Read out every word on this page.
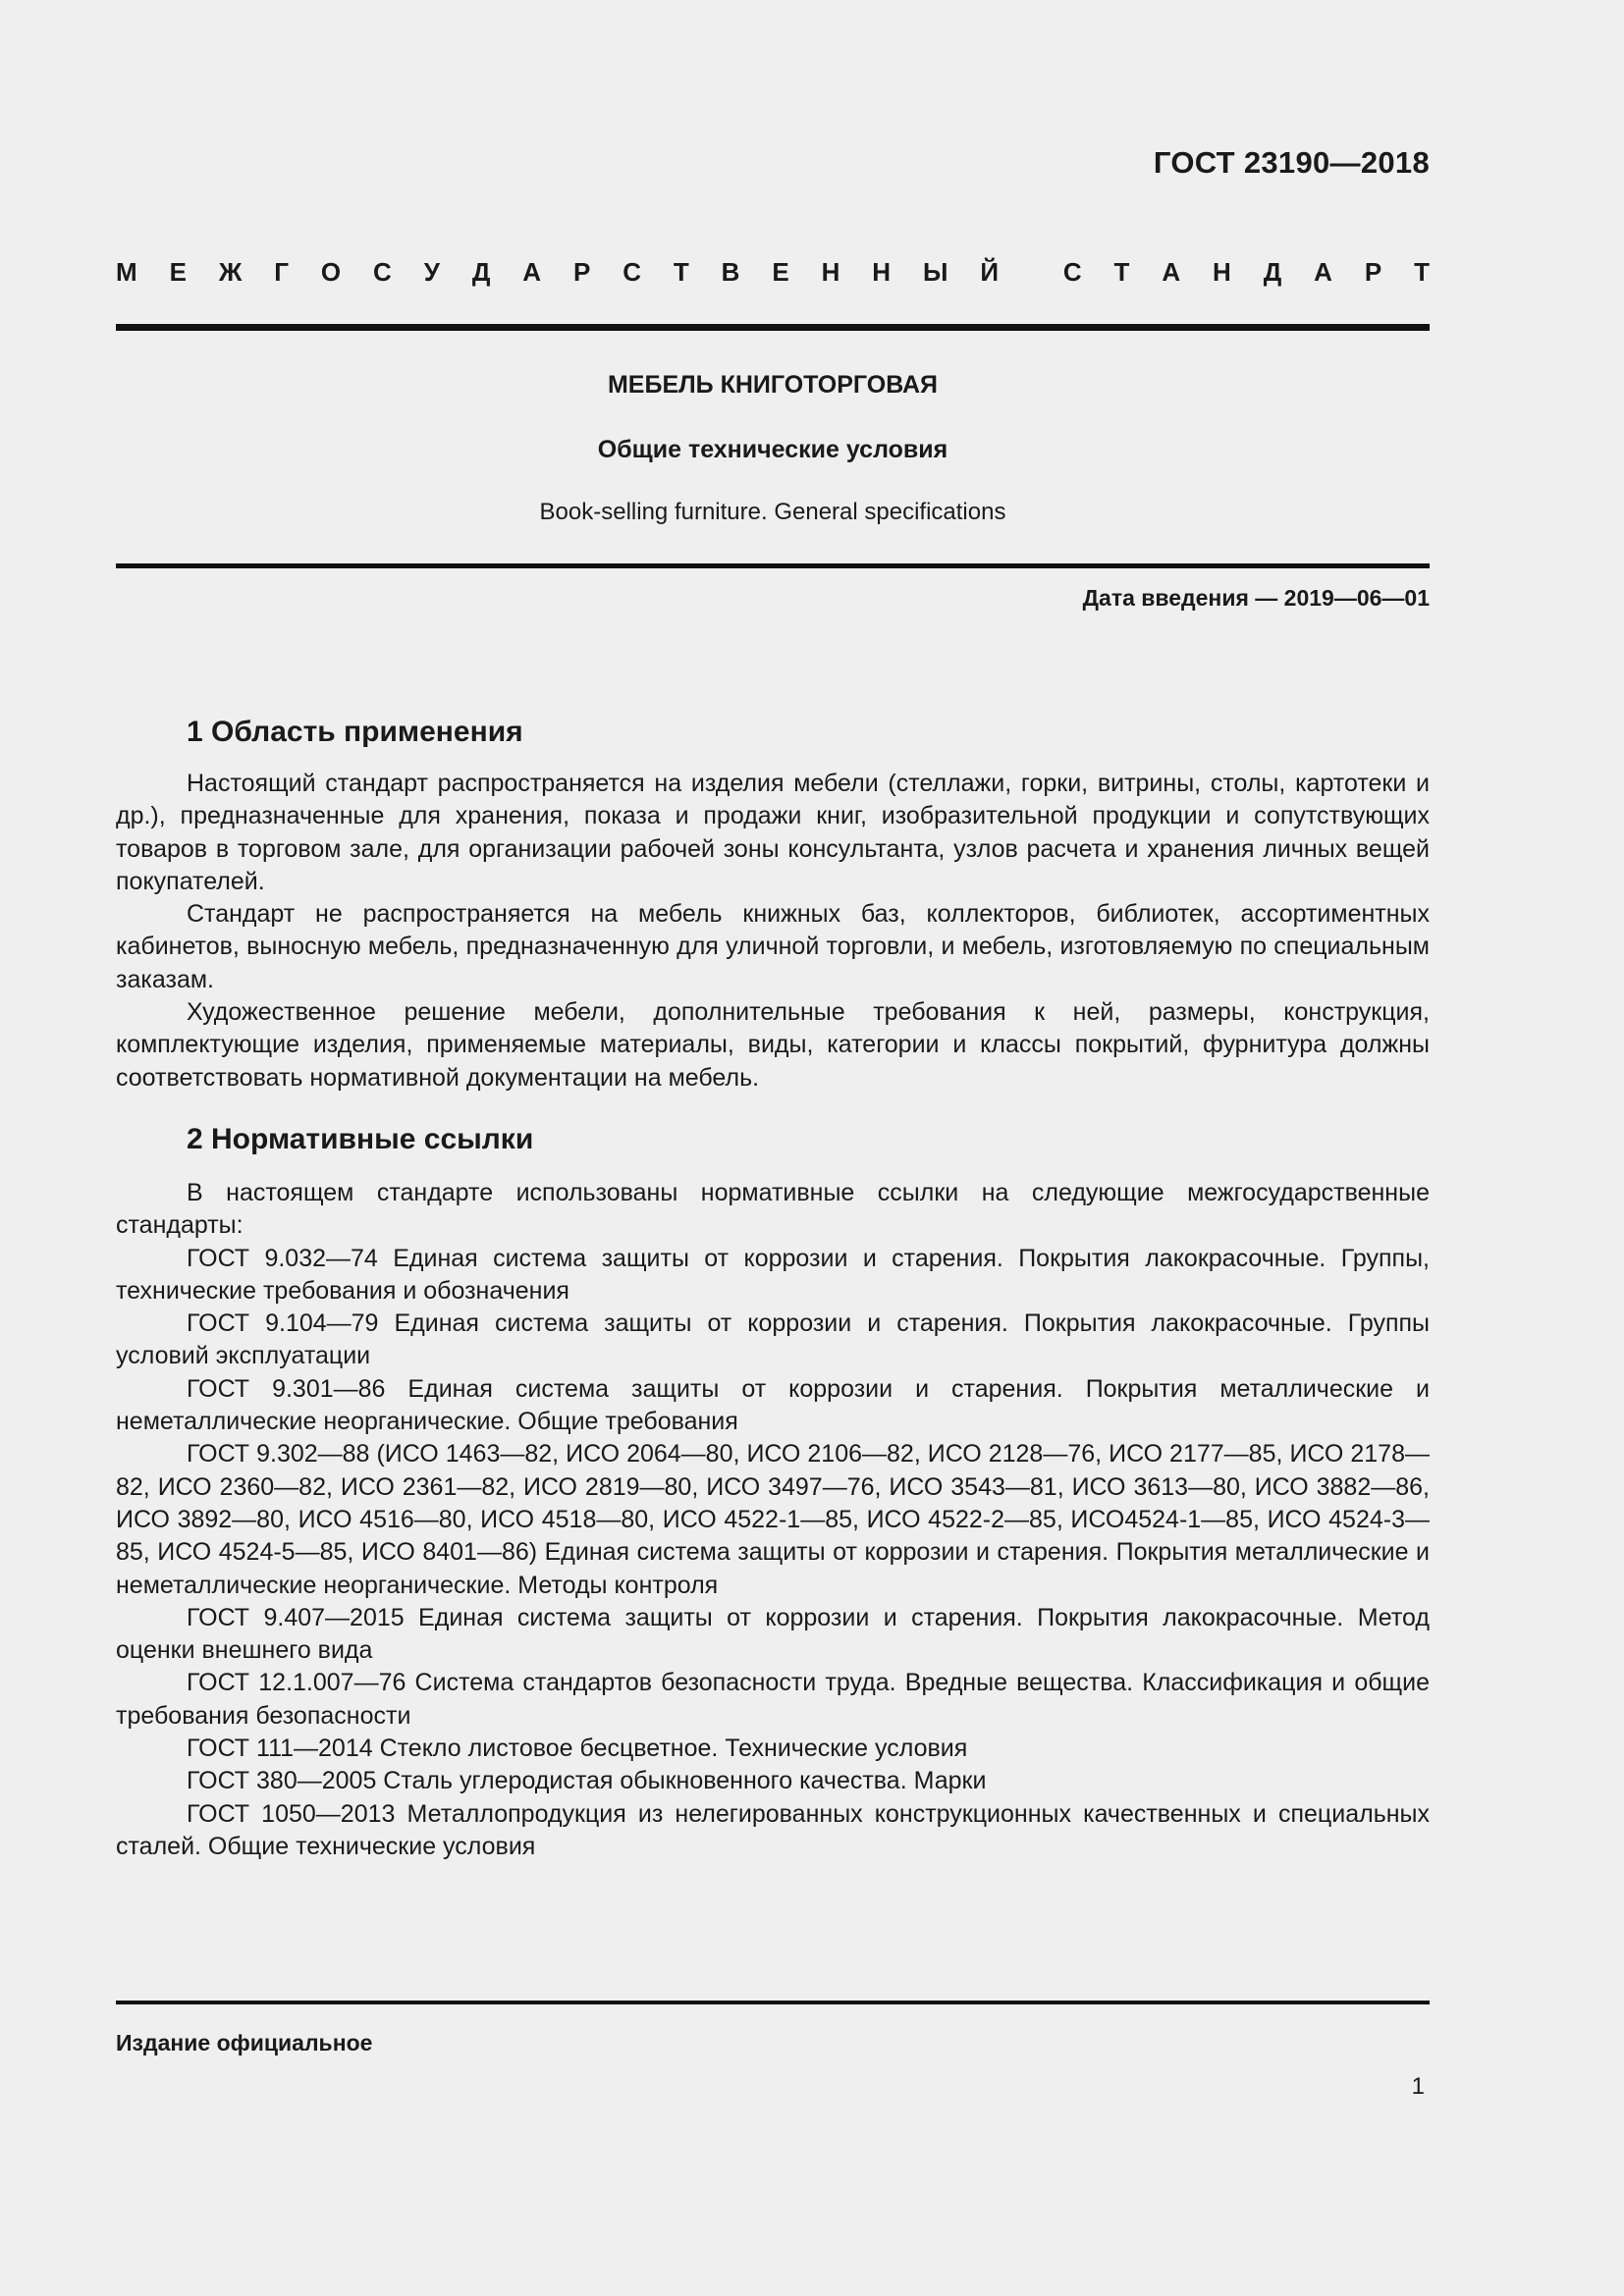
ГОСТ 23190—2018
М Е Ж Г О С У Д А Р С Т В Е Н Н Ы Й	С Т А Н Д А Р Т
МЕБЕЛЬ КНИГОТОРГОВАЯ
Общие технические условия
Book-selling furniture. General specifications
Дата введения — 2019—06—01
1 Область применения

Настоящий стандарт распространяется на изделия мебели (стеллажи, горки, витрины, столы, картотеки и др.), предназначенные для хранения, показа и продажи книг, изобразительной продукции и сопутствующих товаров в торговом зале, для организации рабочей зоны консультанта, узлов расчета и хранения личных вещей покупателей.

Стандарт не распространяется на мебель книжных баз, коллекторов, библиотек, ассортиментных кабинетов, выносную мебель, предназначенную для уличной торговли, и мебель, изготовляемую по специальным заказам.

Художественное решение мебели, дополнительные требования к ней, размеры, конструкция, комплектующие изделия, применяемые материалы, виды, категории и классы покрытий, фурнитура должны соответствовать нормативной документации на мебель.

2 Нормативные ссылки

В настоящем стандарте использованы нормативные ссылки на следующие межгосударственные стандарты:

ГОСТ 9.032—74 Единая система защиты от коррозии и старения. Покрытия лакокрасочные. Группы, технические требования и обозначения

ГОСТ 9.104—79 Единая система защиты от коррозии и старения. Покрытия лакокрасочные. Группы условий эксплуатации

ГОСТ 9.301—86 Единая система защиты от коррозии и старения. Покрытия металлические и неметаллические неорганические. Общие требования

ГОСТ 9.302—88 (ИСО 1463—82, ИСО 2064—80, ИСО 2106—82, ИСО 2128—76, ИСО 2177—85, ИСО 2178—82, ИСО 2360—82, ИСО 2361—82, ИСО 2819—80, ИСО 3497—76, ИСО 3543—81, ИСО 3613—80, ИСО 3882—86, ИСО 3892—80, ИСО 4516—80, ИСО 4518—80, ИСО 4522-1—85, ИСО 4522-2—85, ИСО4524-1—85, ИСО 4524-3—85, ИСО 4524-5—85, ИСО 8401—86) Единая система защиты от коррозии и старения. Покрытия металлические и неметаллические неорганические. Методы контроля

ГОСТ 9.407—2015 Единая система защиты от коррозии и старения. Покрытия лакокрасочные. Метод оценки внешнего вида

ГОСТ 12.1.007—76 Система стандартов безопасности труда. Вредные вещества. Классификация и общие требования безопасности

ГОСТ 111—2014 Стекло листовое бесцветное. Технические условия

ГОСТ 380—2005 Сталь углеродистая обыкновенного качества. Марки

ГОСТ 1050—2013 Металлопродукция из нелегированных конструкционных качественных и специальных сталей. Общие технические условия

Издание официальное
1
